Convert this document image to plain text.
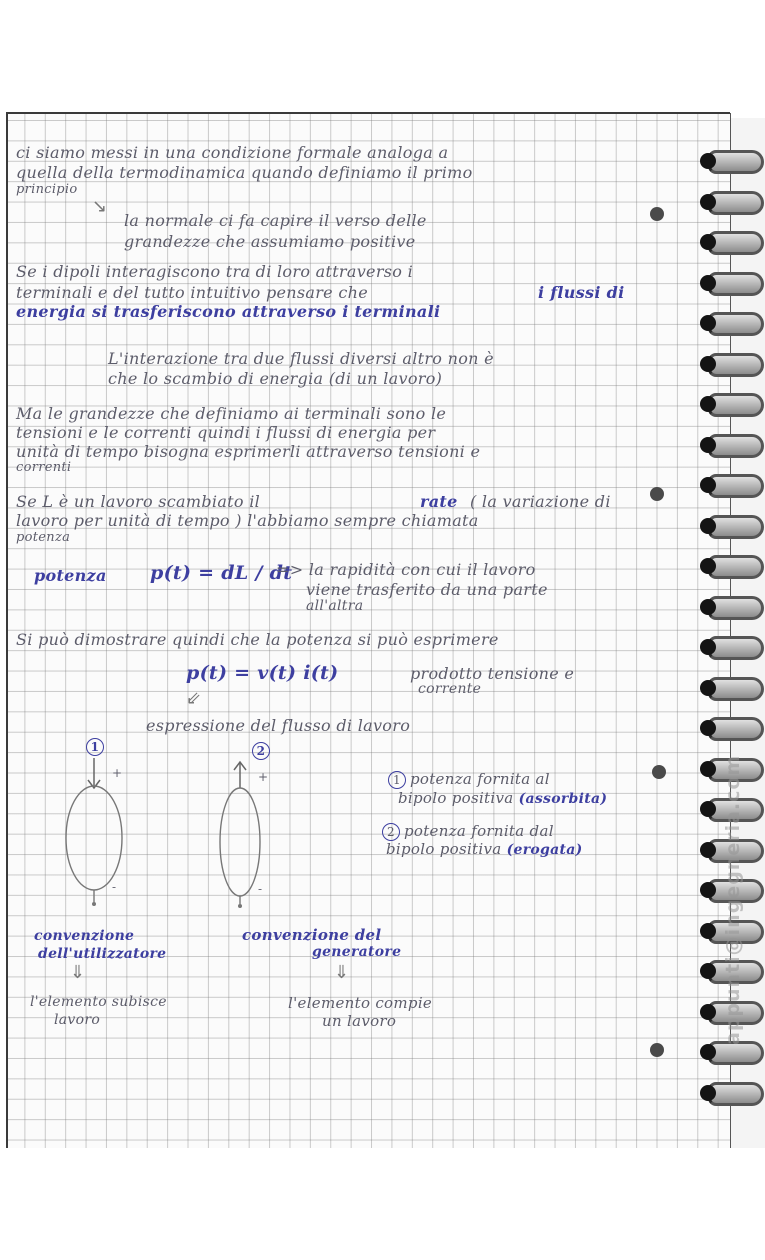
ci siamo messi in una condizione formale analoga a

quella della termodinamica quando definiamo il primo

principio

↘

la normale ci fa capire il verso delle

grandezze che assumiamo positive

Se i dipoli interagiscono tra di loro attraverso i

terminali e del tutto intuitivo pensare che	i flussi di

energia si trasferiscono attraverso i terminali

L'interazione tra due flussi diversi altro non è

che lo scambio di energia (di un lavoro)

Ma le grandezze che definiamo ai terminali sono le

tensioni e le correnti quindi i flussi di energia per

unità di tempo bisogna esprimerli attraverso tensioni e

correnti

Se L è un lavoro scambiato il	rate ( la variazione di

lavoro per unità di tempo ) l'abbiamo sempre chiamata

potenza

potenza p(t) = dL / dt

=> la rapidità con cui il lavoro

viene trasferito da una parte

all'altra

Si può dimostrare quindi che la potenza si può esprimere

p(t) = v(t) i(t)	prodotto tensione e

corrente

⇙

espressione del flusso di lavoro

1	2
+
-
+
-

1 potenza fornita al

bipolo positiva (assorbita)

2 potenza fornita dal

bipolo positiva (erogata)

convenzione

dell'utilizzatore

convenzione del

generatore

⇓	⇓

l'elemento subisce

lavoro

l'elemento compie

un lavoro	appunti@ingegneria.com
